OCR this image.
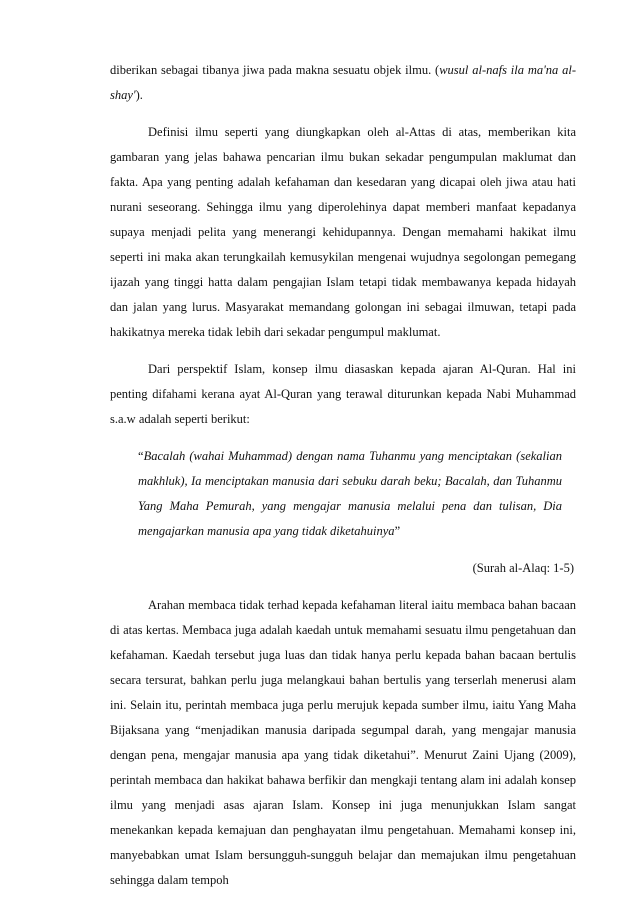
diberikan sebagai tibanya jiwa pada makna sesuatu objek ilmu. (wusul al-nafs ila ma'na al-shay').

Definisi ilmu seperti yang diungkapkan oleh al-Attas di atas, memberikan kita gambaran yang jelas bahawa pencarian ilmu bukan sekadar pengumpulan maklumat dan fakta. Apa yang penting adalah kefahaman dan kesedaran yang dicapai oleh jiwa atau hati nurani seseorang. Sehingga ilmu yang diperolehinya dapat memberi manfaat kepadanya supaya menjadi pelita yang menerangi kehidupannya. Dengan memahami hakikat ilmu seperti ini maka akan terungkailah kemusykilan mengenai wujudnya segolongan pemegang ijazah yang tinggi hatta dalam pengajian Islam tetapi tidak membawanya kepada hidayah dan jalan yang lurus. Masyarakat memandang golongan ini sebagai ilmuwan, tetapi pada hakikatnya mereka tidak lebih dari sekadar pengumpul maklumat.

Dari perspektif Islam, konsep ilmu diasaskan kepada ajaran Al-Quran. Hal ini penting difahami kerana ayat Al-Quran yang terawal diturunkan kepada Nabi Muhammad s.a.w adalah seperti berikut:

“Bacalah (wahai Muhammad) dengan nama Tuhanmu yang menciptakan (sekalian makhluk), Ia menciptakan manusia dari sebuku darah beku; Bacalah, dan Tuhanmu Yang Maha Pemurah, yang mengajar manusia melalui pena dan tulisan, Dia mengajarkan manusia apa yang tidak diketahuinya”

(Surah al-Alaq: 1-5)

Arahan membaca tidak terhad kepada kefahaman literal iaitu membaca bahan bacaan di atas kertas. Membaca juga adalah kaedah untuk memahami sesuatu ilmu pengetahuan dan kefahaman. Kaedah tersebut juga luas dan tidak hanya perlu kepada bahan bacaan bertulis secara tersurat, bahkan perlu juga melangkaui bahan bertulis yang terserlah menerusi alam ini. Selain itu, perintah membaca juga perlu merujuk kepada sumber ilmu, iaitu Yang Maha Bijaksana yang “menjadikan manusia daripada segumpal darah, yang mengajar manusia dengan pena, mengajar manusia apa yang tidak diketahui”. Menurut Zaini Ujang (2009), perintah membaca dan hakikat bahawa berfikir dan mengkaji tentang alam ini adalah konsep ilmu yang menjadi asas ajaran Islam. Konsep ini juga menunjukkan Islam sangat menekankan kepada kemajuan dan penghayatan ilmu pengetahuan. Memahami konsep ini, manyebabkan umat Islam bersungguh-sungguh belajar dan memajukan ilmu pengetahuan sehingga dalam tempoh
